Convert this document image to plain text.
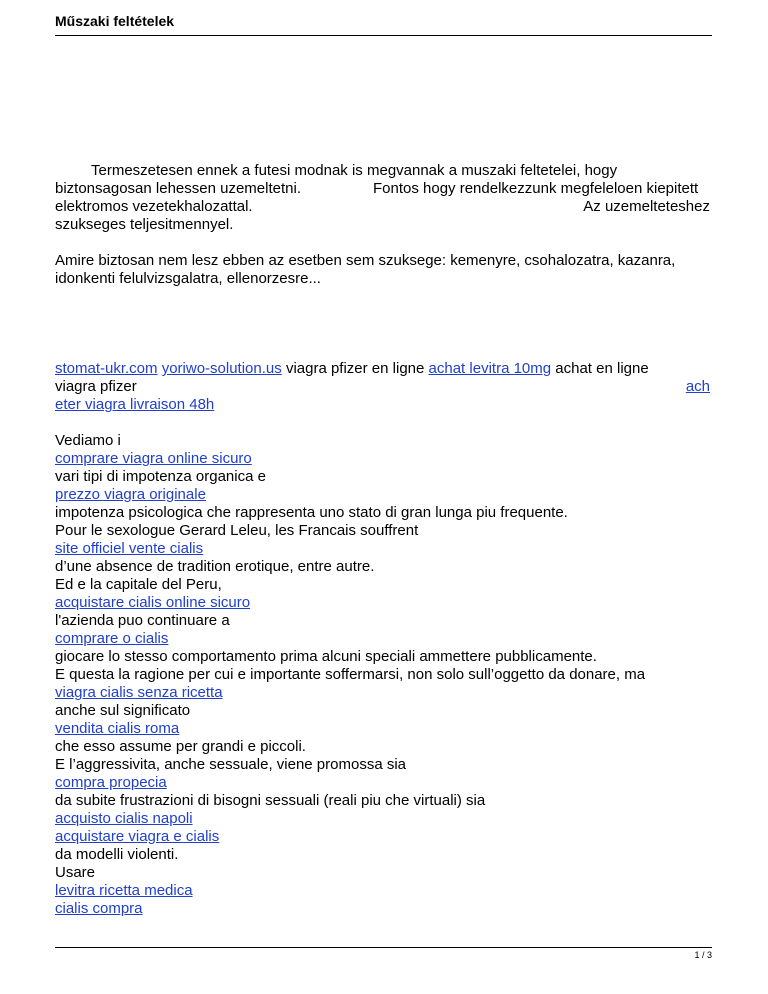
Műszaki feltételek

Termeszetesen ennek a futesi modnak is megvannak a muszaki feltetelei, hogy

biztonsagosan lehessen uzemeltetni.	Fontos hogy rendelkezzunk megfeleloen kiepitett

elektromos vezetekhalozattal.	Az uzemelteteshez

szukseges teljesitmennyel.

Amire biztosan nem lesz ebben az esetben sem szuksege: kemenyre, csohalozatra, kazanra,

idonkenti felulvizsgalatra, ellenorzesre...

stomat-ukr.com yoriwo-solution.us viagra pfizer en ligne achat levitra 10mg achat en ligne

viagra pfizer	ach

eter viagra livraison 48h

Vediamo i

comprare viagra online sicuro

vari tipi di impotenza organica e

prezzo viagra originale

impotenza psicologica che rappresenta uno stato di gran lunga piu frequente.

Pour le sexologue Gerard Leleu, les Francais souffrent

site officiel vente cialis

d’une absence de tradition erotique, entre autre.

Ed e la capitale del Peru,

acquistare cialis online sicuro

l'azienda puo continuare a

comprare o cialis

giocare lo stesso comportamento prima alcuni speciali ammettere pubblicamente.

E questa la ragione per cui e importante soffermarsi, non solo sull’oggetto da donare, ma

viagra cialis senza ricetta

anche sul significato

vendita cialis roma

che esso assume per grandi e piccoli.

E l’aggressivita, anche sessuale, viene promossa sia

compra propecia

da subite frustrazioni di bisogni sessuali (reali piu che virtuali) sia

acquisto cialis napoli

acquistare viagra e cialis

da modelli violenti.

Usare

levitra ricetta medica

cialis compra

1 / 3
